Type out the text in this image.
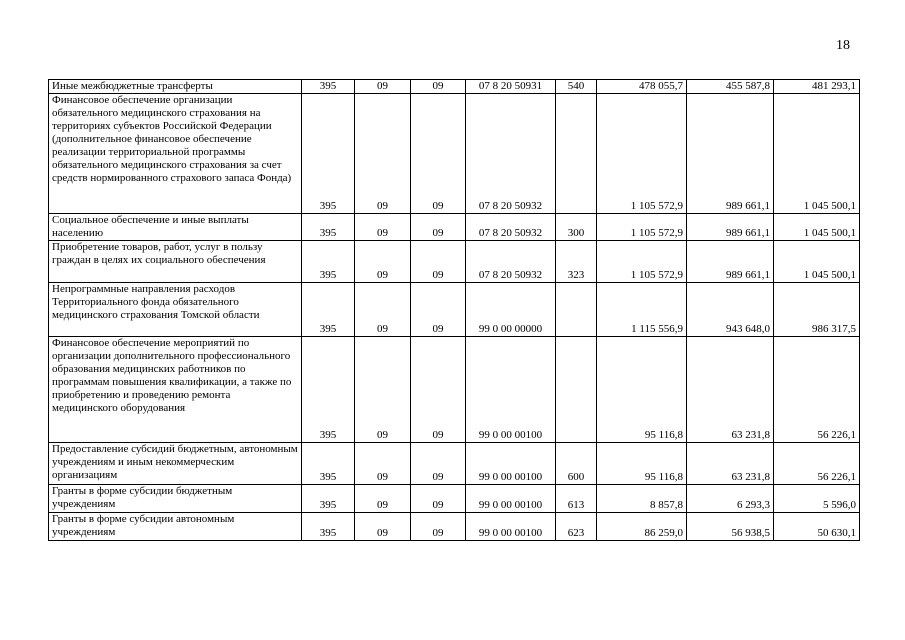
18
Иные межбюджетные трансферты	395	09	09	07 8 20 50931	540	478 055,7	455 587,8	481 293,1
Финансовое обеспечение организации обязательного медицинского страхования на территориях субъектов Российской Федерации (дополнительное финансовое обеспечение реализации территориальной программы обязательного медицинского страхования за счет средств нормированного страхового запаса Фонда)	395	09	09	07 8 20 50932		1 105 572,9	989 661,1	1 045 500,1
Социальное обеспечение и иные выплаты населению	395	09	09	07 8 20 50932	300	1 105 572,9	989 661,1	1 045 500,1
Приобретение товаров, работ, услуг в пользу граждан в целях их социального обеспечения	395	09	09	07 8 20 50932	323	1 105 572,9	989 661,1	1 045 500,1
Непрограммные направления расходов Территориального фонда обязательного медицинского страхования Томской области	395	09	09	99 0 00 00000		1 115 556,9	943 648,0	986 317,5
Финансовое обеспечение мероприятий по организации дополнительного профессионального образования медицинских работников по программам повышения квалификации, а также по приобретению и проведению ремонта медицинского оборудования	395	09	09	99 0 00 00100		95 116,8	63 231,8	56 226,1
Предоставление субсидий бюджетным, автономным учреждениям и иным некоммерческим организациям	395	09	09	99 0 00 00100	600	95 116,8	63 231,8	56 226,1
Гранты в форме субсидии бюджетным учреждениям	395	09	09	99 0 00 00100	613	8 857,8	6 293,3	5 596,0
Гранты в форме субсидии автономным учреждениям	395	09	09	99 0 00 00100	623	86 259,0	56 938,5	50 630,1
